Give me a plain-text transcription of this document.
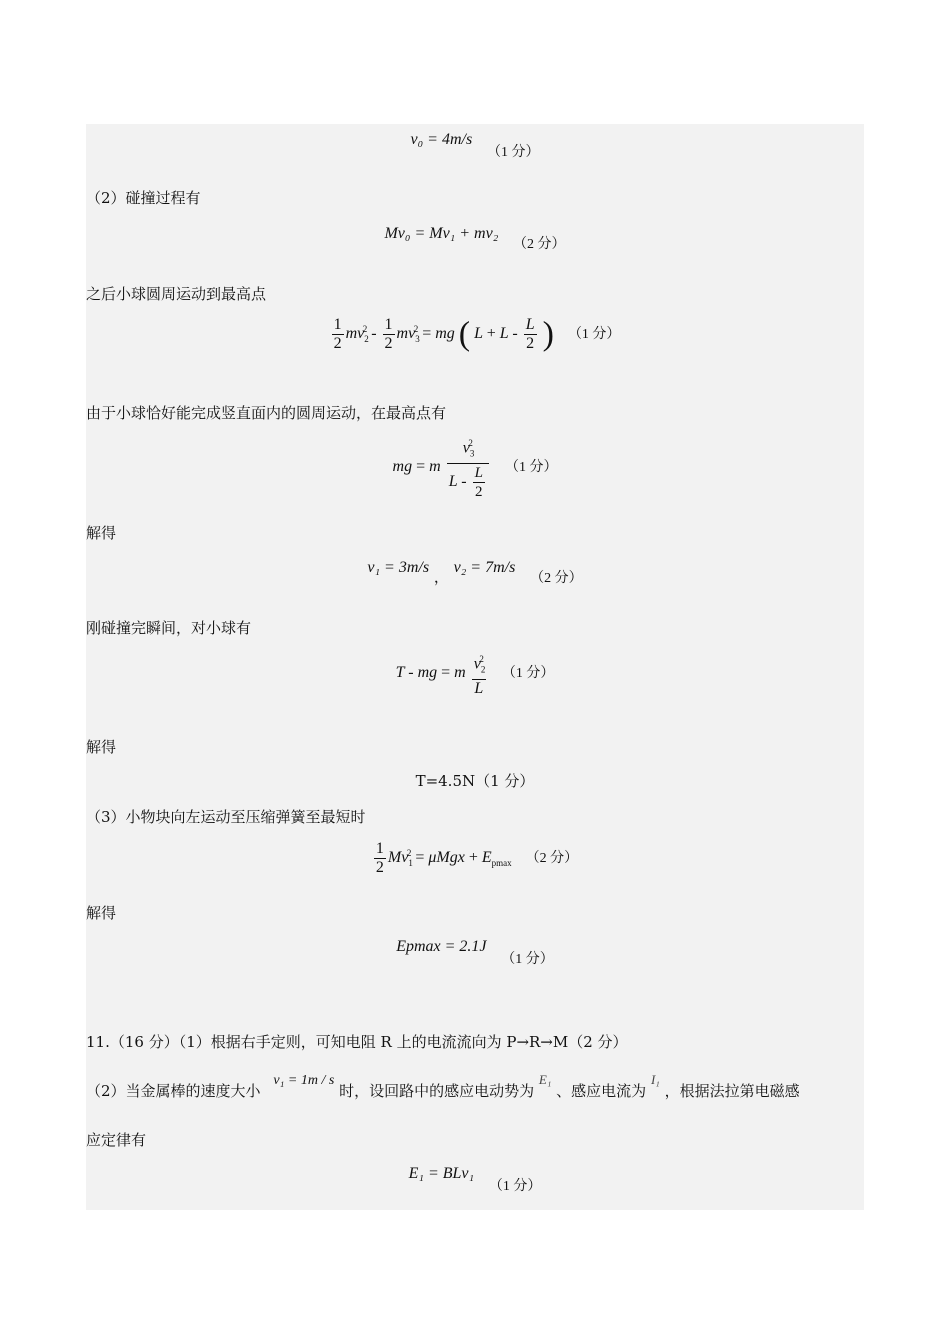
v₀ = 4m/s （1 分）
（2）碰撞过程有
Mv₀ = Mv₁ + mv₂ （2 分）
之后小球圆周运动到最高点
$\frac{1}{2} mv_2^2 - \frac{1}{2} mv_3^2$ = mg ( $L + L - \frac{L}{2}$ ) （1 分）
由于小球恰好能完成竖直面内的圆周运动，在最高点有
mg = m $\frac{v_3^2}{L - \frac{L}{2}} (1$ 分）
解得
v₁ = 3m/s ， v₂ = 7m/s （2 分）
刚碰撞完瞬间，对小球有
T - mg = m $\frac{v_2^2}{L} (1$ 分）
解得
T=4.5N（1 分）
（3）小物块向左运动至压缩弹簧至最短时
$\frac{1}{2} Mv_1^2 = \mu Mgx + E_{pmax}$ （2 分）
解得
Epmax = 2.1J （1 分）
11.（16 分）（1）根据右手定则，可知电阻 R 上的电流流向为 P→R→M（2 分）
（2）当金属棒的速度大小 v₁ = 1m / s 时，设回路中的感应电动势为 E₁ 、感应电流为 I₁ ，根据法拉第电磁感
应定律有
E₁ = BLv₁ （1 分）
